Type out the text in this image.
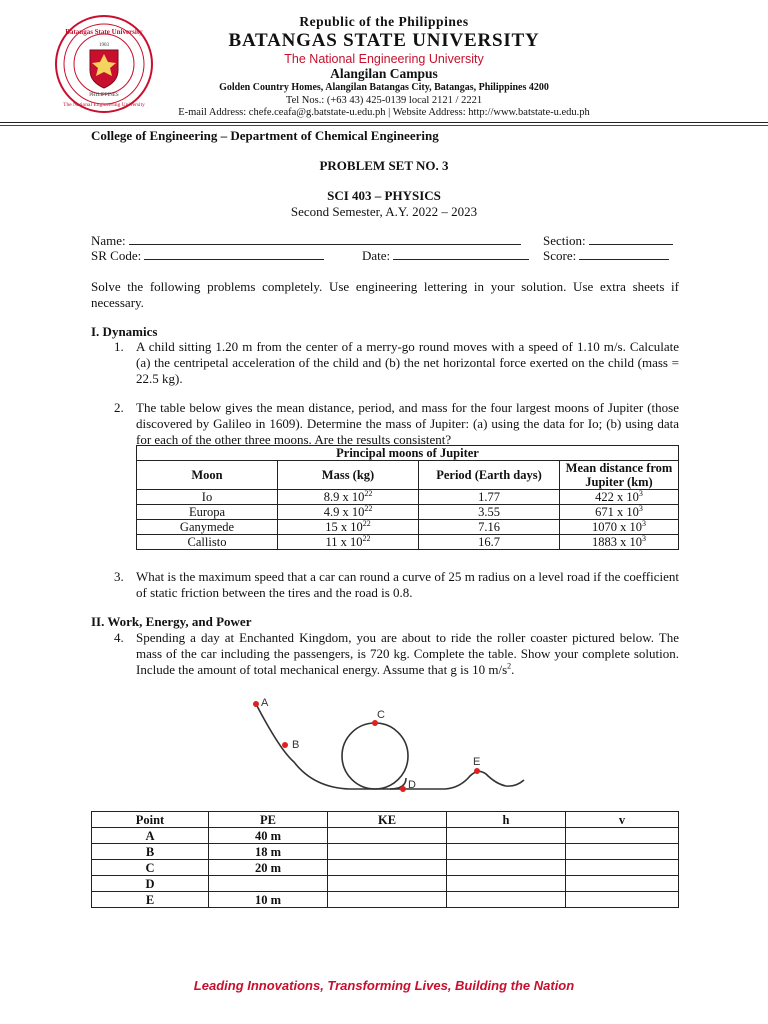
Batangas State University
The National Engineering University
PHILIPPINES
1903
Republic of the Philippines
BATANGAS STATE UNIVERSITY
The National Engineering University
Alangilan Campus
Golden Country Homes, Alangilan Batangas City, Batangas, Philippines 4200
Tel Nos.: (+63 43) 425-0139 local 2121 / 2221
E-mail Address: chefe.ceafa@g.batstate-u.edu.ph | Website Address: http://www.batstate-u.edu.ph
College of Engineering – Department of Chemical Engineering
PROBLEM SET NO. 3
SCI 403 – PHYSICS
Second Semester, A.Y. 2022 – 2023
Name:	Section:
SR Code:	Date:	Score:
Solve the following problems completely. Use engineering lettering in your solution. Use extra sheets if necessary.
I. Dynamics
1. A child sitting 1.20 m from the center of a merry-go round moves with a speed of 1.10 m/s. Calculate (a) the centripetal acceleration of the child and (b) the net horizontal force exerted on the child (mass = 22.5 kg).
2. The table below gives the mean distance, period, and mass for the four largest moons of Jupiter (those discovered by Galileo in 1609). Determine the mass of Jupiter: (a) using the data for Io; (b) using data for each of the other three moons. Are the results consistent?
Principal moons of Jupiter			
Moon	Mass (kg)	Period (Earth days)	Mean distance from Jupiter (km)
Io	8.9 x $10^{22}$	1.77	422 x $10^3$
Europa	4.9 x $10^{22}$	3.55	671 x $10^3$
Ganymede	15 x $10^{22}$	7.16	1070 x $10^3$
Callisto	11 x $10^{22}$	16.7	1883 x $10^3$
3. What is the maximum speed that a car can round a curve of 25 m radius on a level road if the coefficient of static friction between the tires and the road is 0.8.
II. Work, Energy, and Power
4. Spending a day at Enchanted Kingdom, you are about to ride the roller coaster pictured below. The mass of the car including the passengers, is 720 kg. Complete the table. Show your complete solution. Include the amount of total mechanical energy. Assume that g is 10 $m/s^2$.
A
B
C
D
E
Point	PE	KE	h	v
A	40 m			
B	18 m			
C	20 m			
D				
E	10 m			
Leading Innovations, Transforming Lives, Building the Nation
